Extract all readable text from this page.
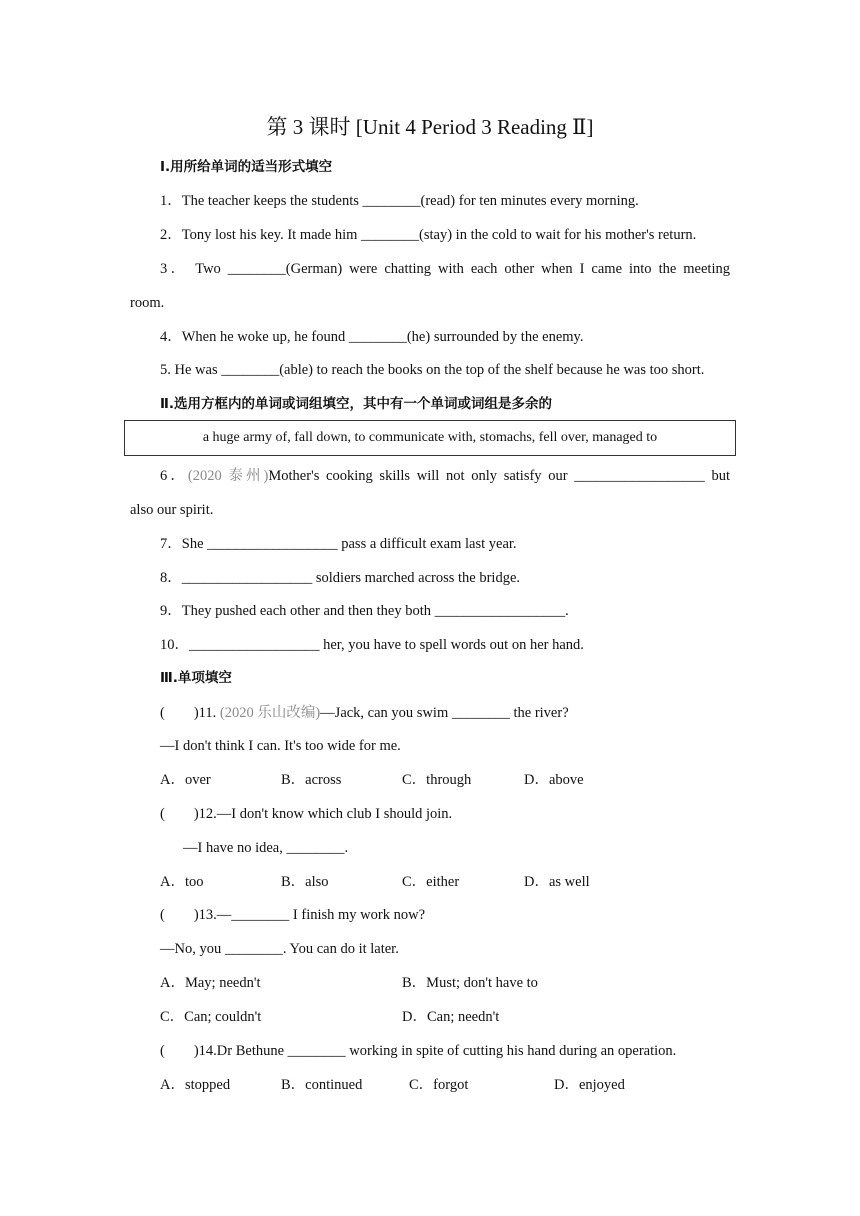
第 3 课时 [Unit 4 Period 3 Reading Ⅱ]
Ⅰ.用所给单词的适当形式填空
1．The teacher keeps the students ________(read) for ten minutes every morning.
2．Tony lost his key. It made him ________(stay) in the cold to wait for his mother's return.
3． Two ________(German) were chatting with each other when I came into the meeting
room.
4．When he woke up, he found ________(he) surrounded by the enemy.
5. He was ________(able) to reach the books on the top of the shelf because he was too short.
Ⅱ.选用方框内的单词或词组填空，其中有一个单词或词组是多余的
a huge army of, fall down, to communicate with, stomachs, fell over, managed to
6．(2020 泰州)Mother's cooking skills will not only satisfy our __________________ but
also our spirit.
7．She __________________ pass a difficult exam last year.
8．__________________ soldiers marched across the bridge.
9．They pushed each other and then they both __________________.
10．__________________ her, you have to spell words out on her hand.
Ⅲ.单项填空
(　　)11. (2020 乐山改编)—Jack, can you swim ________ the river?
—I don't think I can. It's too wide for me.
A．over	B．across	C．through	D．above
(　　)12.—I don't know which club I should join.
—I have no idea, ________.
A．too	B．also	C．either	D．as well
(　　)13.—________ I finish my work now?
—No, you ________. You can do it later.
A．May; needn't	B．Must; don't have to
C．Can; couldn't	D．Can; needn't
(　　)14.Dr Bethune ________ working in spite of cutting his hand during an operation.
A．stopped	B．continued	C．forgot	D．enjoyed
